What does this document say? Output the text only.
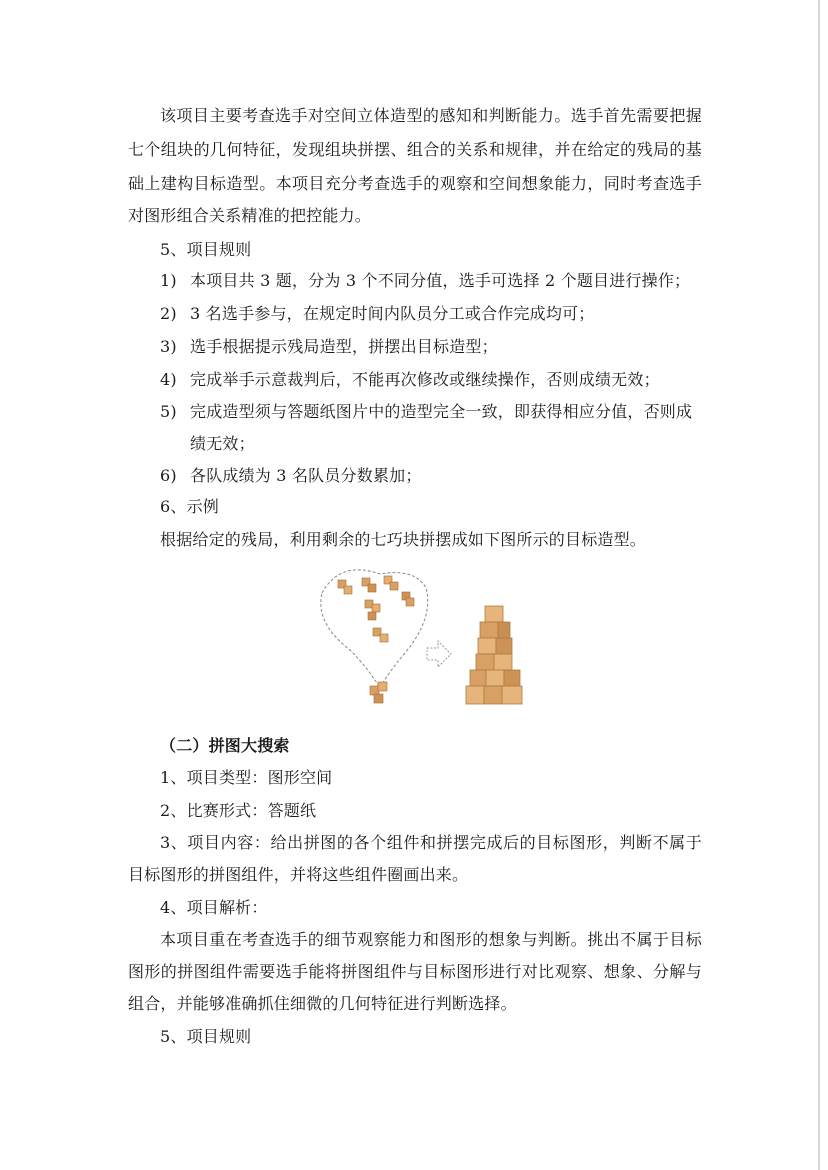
该项目主要考查选手对空间立体造型的感知和判断能力。选手首先需要把握
七个组块的几何特征，发现组块拼摆、组合的关系和规律，并在给定的残局的基
础上建构目标造型。本项目充分考查选手的观察和空间想象能力，同时考查选手
对图形组合关系精准的把控能力。
5、项目规则
1) 本项目共 3 题，分为 3 个不同分值，选手可选择 2 个题目进行操作；
2) 3 名选手参与，在规定时间内队员分工或合作完成均可；
3) 选手根据提示残局造型，拼摆出目标造型；
4) 完成举手示意裁判后，不能再次修改或继续操作，否则成绩无效；
5) 完成造型须与答题纸图片中的造型完全一致，即获得相应分值，否则成
绩无效；
6) 各队成绩为 3 名队员分数累加；
6、示例
根据给定的残局，利用剩余的七巧块拼摆成如下图所示的目标造型。
（二）拼图大搜索
1、项目类型：图形空间
2、比赛形式：答题纸
3、项目内容：给出拼图的各个组件和拼摆完成后的目标图形，判断不属于
目标图形的拼图组件，并将这些组件圈画出来。
4、项目解析：
本项目重在考查选手的细节观察能力和图形的想象与判断。挑出不属于目标
图形的拼图组件需要选手能将拼图组件与目标图形进行对比观察、想象、分解与
组合，并能够准确抓住细微的几何特征进行判断选择。
5、项目规则
